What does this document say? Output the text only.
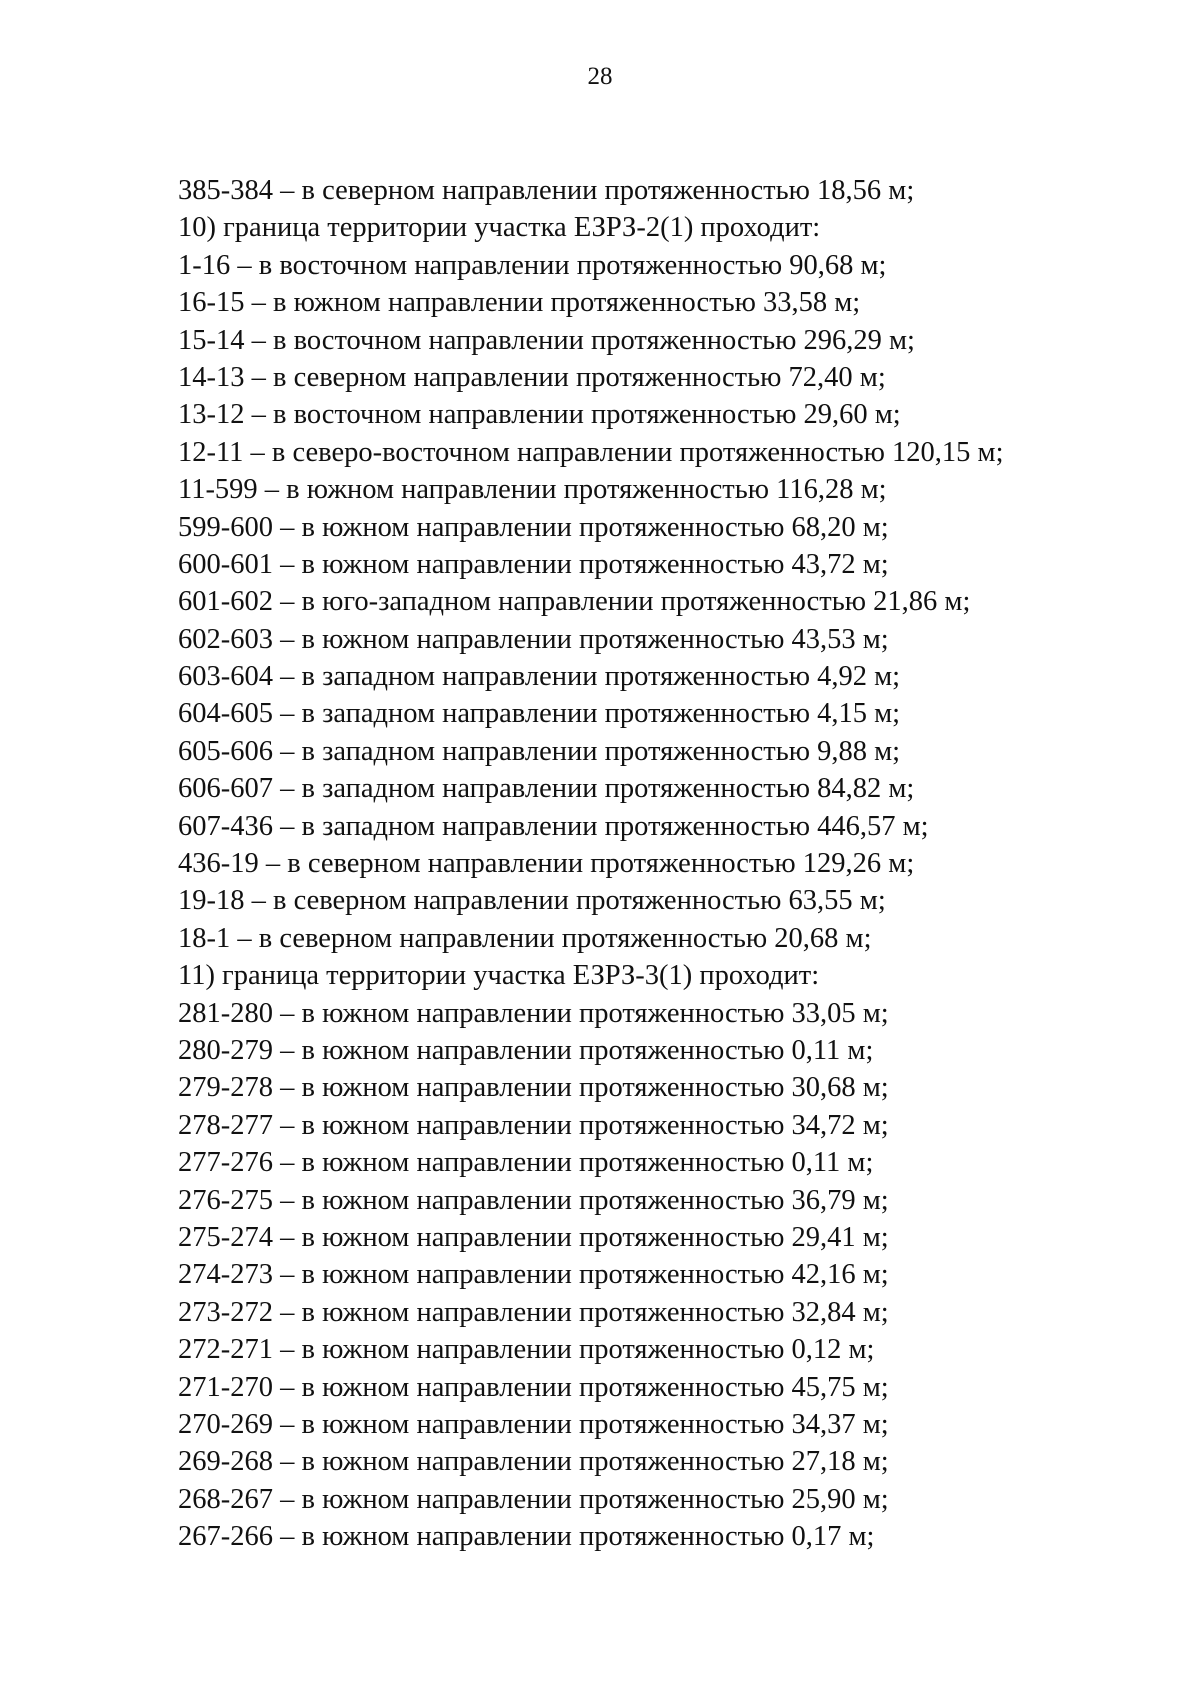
28
385-384 – в северном направлении протяженностью 18,56 м;
10) граница территории участка ЕЗРЗ-2(1) проходит:
1-16 – в восточном направлении протяженностью 90,68 м;
16-15 – в южном направлении протяженностью 33,58 м;
15-14 – в восточном направлении протяженностью 296,29 м;
14-13 – в северном направлении протяженностью 72,40 м;
13-12 – в восточном направлении протяженностью 29,60 м;
12-11 – в северо-восточном направлении протяженностью 120,15 м;
11-599 – в южном направлении протяженностью 116,28 м;
599-600 – в южном направлении протяженностью 68,20 м;
600-601 – в южном направлении протяженностью 43,72 м;
601-602 – в юго-западном направлении протяженностью 21,86 м;
602-603 – в южном направлении протяженностью 43,53 м;
603-604 – в западном направлении протяженностью 4,92 м;
604-605 – в западном направлении протяженностью 4,15 м;
605-606 – в западном направлении протяженностью 9,88 м;
606-607 – в западном направлении протяженностью 84,82 м;
607-436 – в западном направлении протяженностью 446,57 м;
436-19 – в северном направлении протяженностью 129,26 м;
19-18 – в северном направлении протяженностью 63,55 м;
18-1 – в северном направлении протяженностью 20,68 м;
11) граница территории участка ЕЗРЗ-3(1) проходит:
281-280 – в южном направлении протяженностью 33,05 м;
280-279 – в южном направлении протяженностью 0,11 м;
279-278 – в южном направлении протяженностью 30,68 м;
278-277 – в южном направлении протяженностью 34,72 м;
277-276 – в южном направлении протяженностью 0,11 м;
276-275 – в южном направлении протяженностью 36,79 м;
275-274 – в южном направлении протяженностью 29,41 м;
274-273 – в южном направлении протяженностью 42,16 м;
273-272 – в южном направлении протяженностью 32,84 м;
272-271 – в южном направлении протяженностью 0,12 м;
271-270 – в южном направлении протяженностью 45,75 м;
270-269 – в южном направлении протяженностью 34,37 м;
269-268 – в южном направлении протяженностью 27,18 м;
268-267 – в южном направлении протяженностью 25,90 м;
267-266 – в южном направлении протяженностью 0,17 м;
